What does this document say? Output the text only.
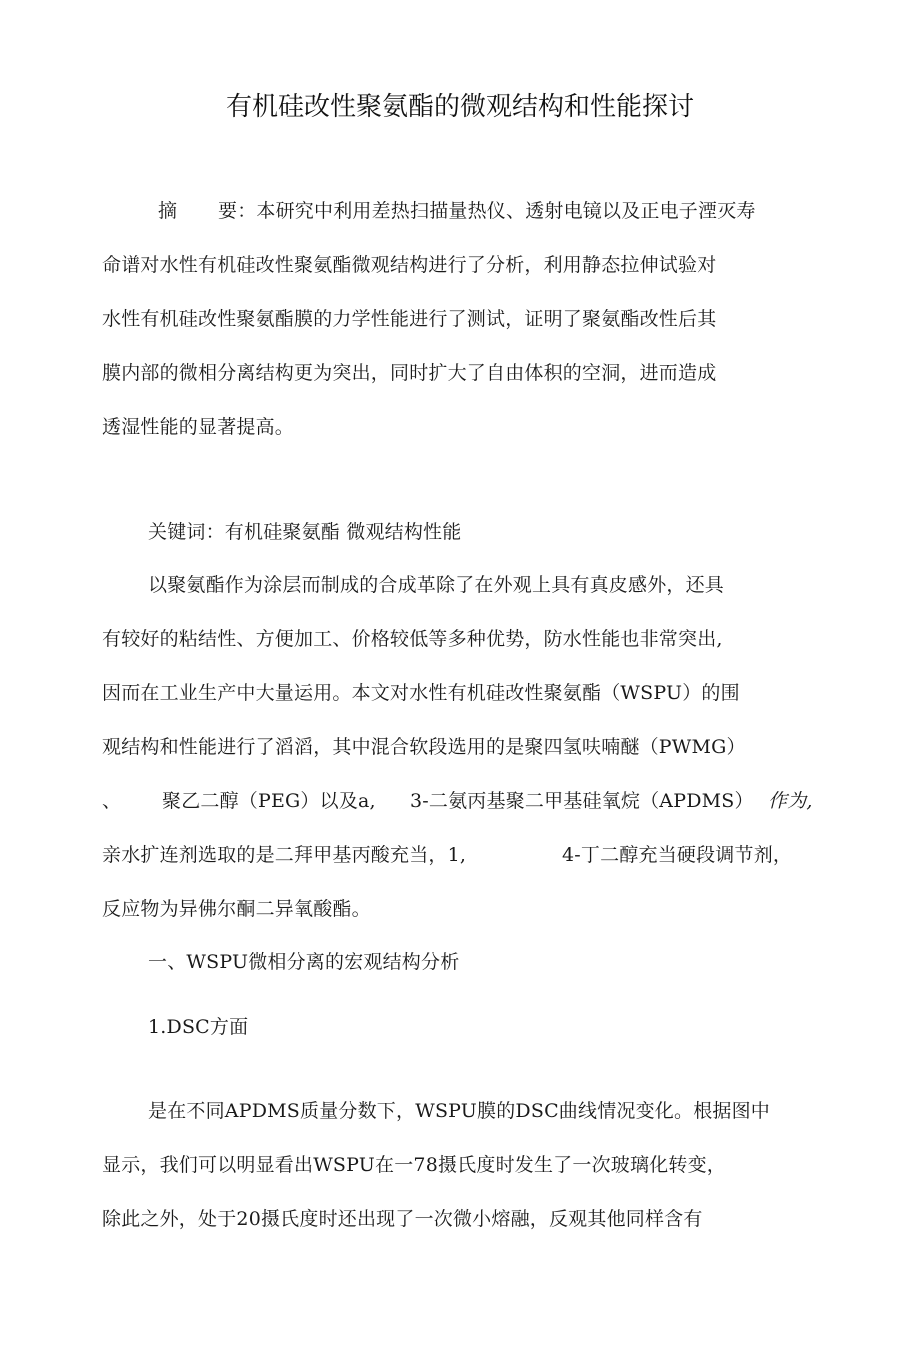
有机硅改性聚氨酯的微观结构和性能探讨
摘 要：本研究中利用差热扫描量热仪、透射电镜以及正电子湮灭寿
命谱对水性有机硅改性聚氨酯微观结构进行了分析，利用静态拉伸试验对
水性有机硅改性聚氨酯膜的力学性能进行了测试，证明了聚氨酯改性后其
膜内部的微相分离结构更为突出，同时扩大了自由体积的空洞，进而造成
透湿性能的显著提高。
关键词：有机硅聚氨酯 微观结构性能
以聚氨酯作为涂层而制成的合成革除了在外观上具有真皮感外，还具
有较好的粘结性、方便加工、价格较低等多种优势，防水性能也非常突出,
因而在工业生产中大量运用。本文对水性有机硅改性聚氨酯（WSPU）的围
观结构和性能进行了滔滔，其中混合软段选用的是聚四氢呋喃醚（PWMG）
、 聚乙二醇（PEG）以及a, 3-二氨丙基聚二甲基硅氧烷（APDMS） 作为,
亲水扩连剂选取的是二拜甲基丙酸充当，1,	4-丁二醇充当硬段调节剂，
反应物为异佛尔酮二异氧酸酯。
一、WSPU微相分离的宏观结构分析
1.DSC方面
是在不同APDMS质量分数下，WSPU膜的DSC曲线情况变化。根据图中
显示，我们可以明显看出WSPU在一78摄氏度时发生了一次玻璃化转变，
除此之外，处于20摄氏度时还出现了一次微小熔融，反观其他同样含有
